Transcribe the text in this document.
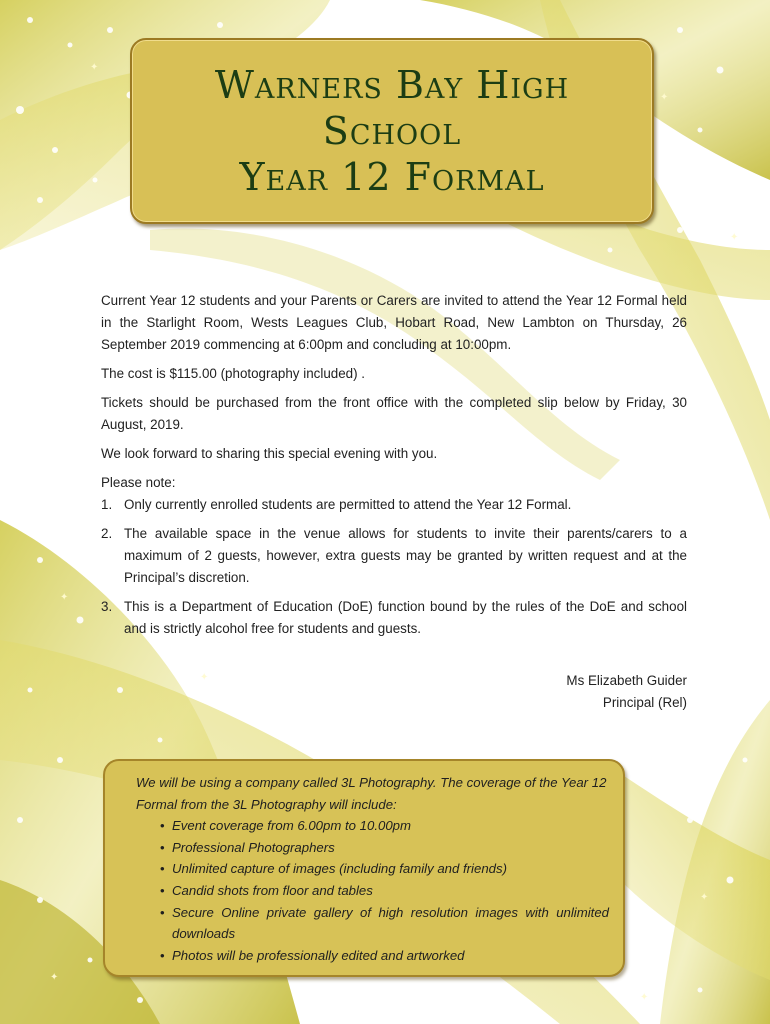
✦
✦
✦
✦
✦
✦
✦
✦
Warners Bay High
School
Year 12 Formal

Current Year 12 students and your Parents or Carers are invited to attend the Year 12 Formal held in the Starlight Room, Wests Leagues Club, Hobart Road, New Lambton on Thursday, 26 September 2019 commencing at 6:00pm and concluding at 10:00pm.

The cost is $115.00 (photography included) .

Tickets should be purchased from the front office with the completed slip below by Friday, 30 August, 2019.

We look forward to sharing this special evening with you.

Please note:

1. Only currently enrolled students are permitted to attend the Year 12 Formal.
2. The available space in the venue allows for students to invite their parents/carers to a maximum of 2 guests, however, extra guests may be granted by written request and at the Principal’s discretion.
3. This is a Department of Education (DoE) function bound by the rules of the DoE and school and is strictly alcohol free for students and guests.
Ms Elizabeth Guider
Principal (Rel)

We will be using a company called 3L Photography. The coverage of the Year 12 Formal from the 3L Photography will include:

• Event coverage from 6.00pm to 10.00pm
• Professional Photographers
• Unlimited capture of images (including family and friends)
• Candid shots from floor and tables
• Secure Online private gallery of high resolution images with unlimited downloads
• Photos will be professionally edited and artworked
